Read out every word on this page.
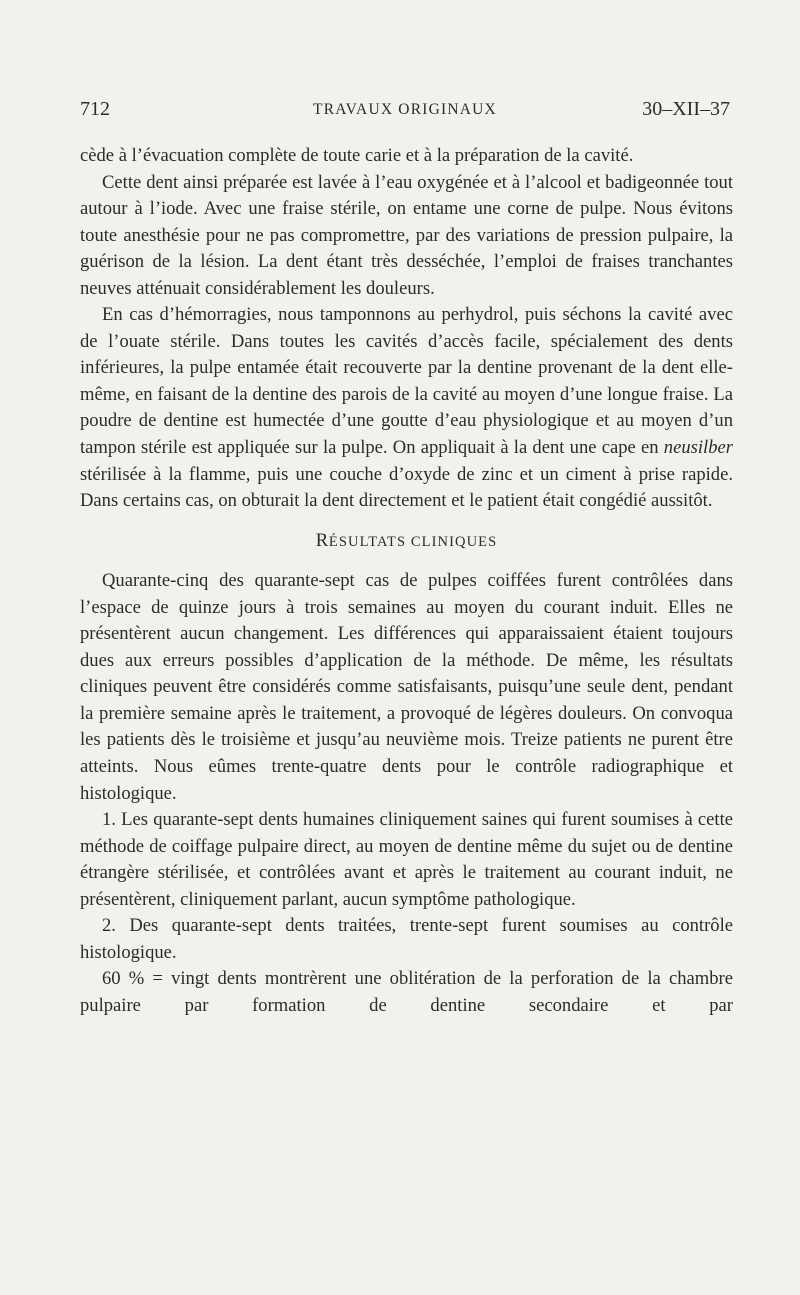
712	TRAVAUX ORIGINAUX	30–XII–37

cède à l’évacuation complète de toute carie et à la préparation de la cavité.

Cette dent ainsi préparée est lavée à l’eau oxygénée et à l’alcool et badigeonnée tout autour à l’iode. Avec une fraise stérile, on entame une corne de pulpe. Nous évitons toute anesthésie pour ne pas compromettre, par des variations de pression pulpaire, la guérison de la lésion. La dent étant très desséchée, l’emploi de fraises tranchantes neuves atténuait considérablement les douleurs.

En cas d’hémorragies, nous tamponnons au perhydrol, puis séchons la cavité avec de l’ouate stérile. Dans toutes les cavités d’accès facile, spécialement des dents inférieures, la pulpe entamée était recouverte par la dentine provenant de la dent elle-même, en faisant de la dentine des parois de la cavité au moyen d’une longue fraise. La poudre de dentine est humectée d’une goutte d’eau physiologique et au moyen d’un tampon stérile est appliquée sur la pulpe. On appliquait à la dent une cape en neusilber stérilisée à la flamme, puis une couche d’oxyde de zinc et un ciment à prise rapide. Dans certains cas, on obturait la dent directement et le patient était congédié aussitôt.

RÉSULTATS CLINIQUES

Quarante-cinq des quarante-sept cas de pulpes coiffées furent contrôlées dans l’espace de quinze jours à trois semaines au moyen du courant induit. Elles ne présentèrent aucun changement. Les différences qui apparaissaient étaient toujours dues aux erreurs possibles d’application de la méthode. De même, les résultats cliniques peuvent être considérés comme satisfaisants, puisqu’une seule dent, pendant la première semaine après le traitement, a provoqué de légères douleurs. On convoqua les patients dès le troisième et jusqu’au neuvième mois. Treize patients ne purent être atteints. Nous eûmes trente-quatre dents pour le contrôle radiographique et histologique.

1. Les quarante-sept dents humaines cliniquement saines qui furent soumises à cette méthode de coiffage pulpaire direct, au moyen de dentine même du sujet ou de dentine étrangère stérilisée, et contrôlées avant et après le traitement au courant induit, ne présentèrent, cliniquement parlant, aucun symptôme pathologique.

2. Des quarante-sept dents traitées, trente-sept furent soumises au contrôle histologique.

60 % = vingt dents montrèrent une oblitération de la perforation de la chambre pulpaire par formation de dentine secondaire et par
